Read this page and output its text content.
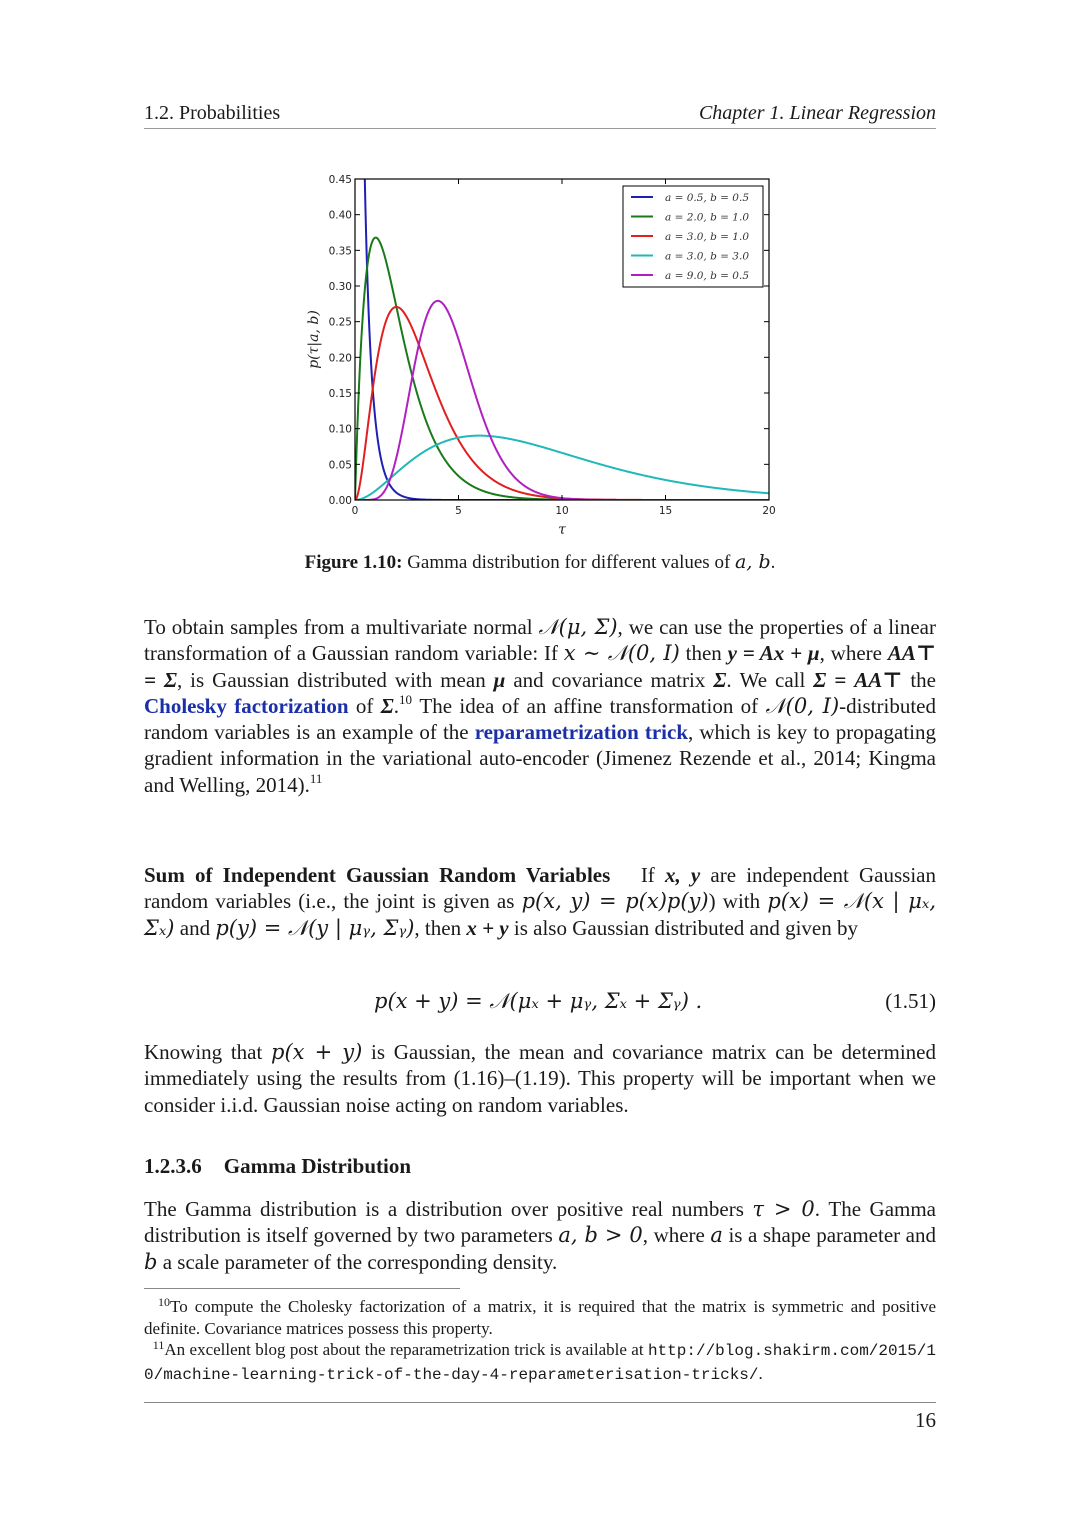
1.2. Probabilities	Chapter 1. Linear Regression
0.00
0.05
0.10
0.15
0.20
0.25
0.30
0.35
0.40
0.45
0	5	10	15	20
τ
p(τ|a, b)
a = 0.5, b = 0.5
a = 2.0, b = 1.0
a = 3.0, b = 1.0
a = 3.0, b = 3.0
a = 9.0, b = 0.5
Figure 1.10: Gamma distribution for different values of a, b.
To obtain samples from a multivariate normal 𝒩(μ, Σ), we can use the properties of a linear transformation of a Gaussian random variable: If x ∼ 𝒩(0, I) then y = Ax + μ, where AA⊤ = Σ, is Gaussian distributed with mean μ and covariance matrix Σ. We call Σ = AA⊤ the Cholesky factorization of Σ.$^{10}$ The idea of an affine transformation of 𝒩(0, I)-distributed random variables is an example of the reparametrization trick, which is key to propagating gradient information in the variational auto-encoder (Jimenez Rezende et al., 2014; Kingma and Welling, 2014).$^{11}$
Sum of Independent Gaussian Random Variables   If x, y are independent Gaussian random variables (i.e., the joint is given as p(x, y) = p(x)p(y)) with p(x) = 𝒩(x | μₓ, Σₓ) and p(y) = 𝒩(y | μᵧ, Σᵧ), then x + y is also Gaussian distributed and given by
p(x + y) = 𝒩(μₓ + μᵧ, Σₓ + Σᵧ) .	(1.51)
Knowing that p(x + y) is Gaussian, the mean and covariance matrix can be determined immediately using the results from (1.16)–(1.19). This property will be important when we consider i.i.d. Gaussian noise acting on random variables.
1.2.3.6 Gamma Distribution
The Gamma distribution is a distribution over positive real numbers τ > 0. The Gamma distribution is itself governed by two parameters a, b > 0, where a is a shape parameter and b a scale parameter of the corresponding density.
$^{10}$To compute the Cholesky factorization of a matrix, it is required that the matrix is symmetric and positive definite. Covariance matrices possess this property.
$^{11}$An excellent blog post about the reparametrization trick is available at http://blog.shakirm.com/2015/10/machine-learning-trick-of-the-day-4-reparameterisation-tricks/.
16
